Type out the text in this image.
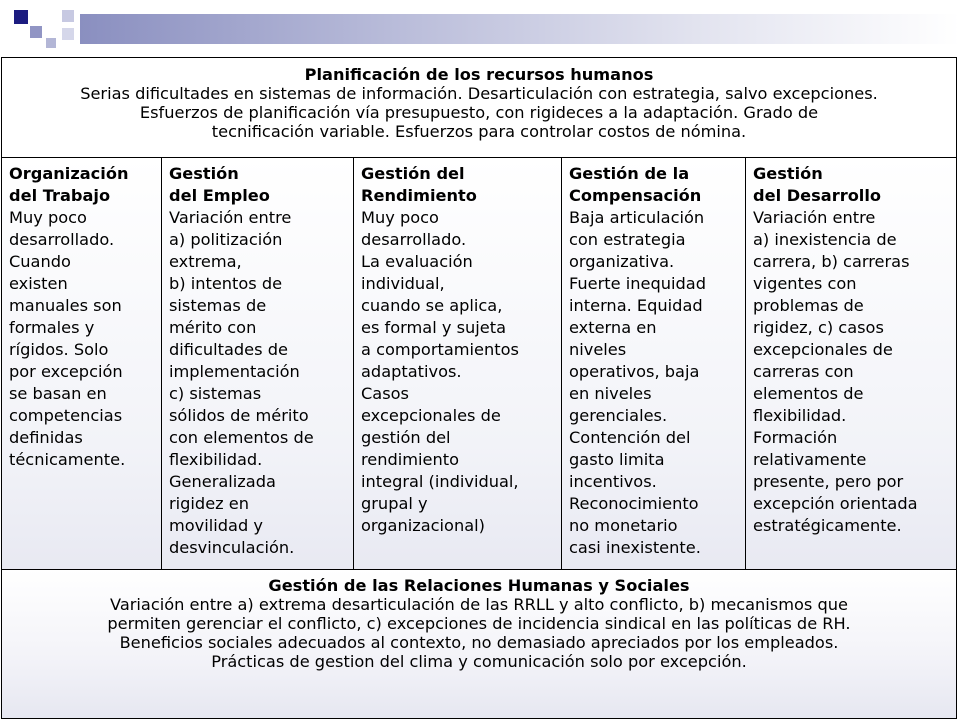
Planificación de los recursos humanos
Serias dificultades en sistemas de información. Desarticulación con estrategia, salvo excepciones.
Esfuerzos de planificación vía presupuesto, con rigideces a la adaptación. Grado de
tecnificación variable. Esfuerzos para controlar costos de nómina.
Organización
del Trabajo
Muy poco
desarrollado.
Cuando
existen
manuales son
formales y
rígidos. Solo
por excepción
se basan en
competencias
definidas
técnicamente.
Gestión
del Empleo
Variación entre
a) politización
extrema,
b) intentos de
sistemas de
mérito con
dificultades de
implementación
c) sistemas
sólidos de mérito
con elementos de
flexibilidad.
Generalizada
rigidez en
movilidad y
desvinculación.
Gestión del
Rendimiento
Muy poco
desarrollado.
La evaluación
individual,
cuando se aplica,
es formal y sujeta
a comportamientos
adaptativos.
Casos
excepcionales de
gestión del
rendimiento
integral (individual,
grupal y
organizacional)
Gestión de la
Compensación
Baja articulación
con estrategia
organizativa.
Fuerte inequidad
interna. Equidad
externa en
niveles
operativos, baja
en niveles
gerenciales.
Contención del
gasto limita
incentivos.
Reconocimiento
no monetario
casi inexistente.
Gestión
del Desarrollo
Variación entre
a) inexistencia de
carrera, b) carreras
vigentes con
problemas de
rigidez, c) casos
excepcionales de
carreras con
elementos de
flexibilidad.
Formación
relativamente
presente, pero por
excepción orientada
estratégicamente.
Gestión de las Relaciones Humanas y Sociales
Variación entre a) extrema desarticulación de las RRLL y alto conflicto, b) mecanismos que
permiten gerenciar el conflicto, c) excepciones de incidencia sindical en las políticas de RH.
Beneficios sociales adecuados al contexto, no demasiado apreciados por los empleados.
Prácticas de gestion del clima y comunicación solo por excepción.
